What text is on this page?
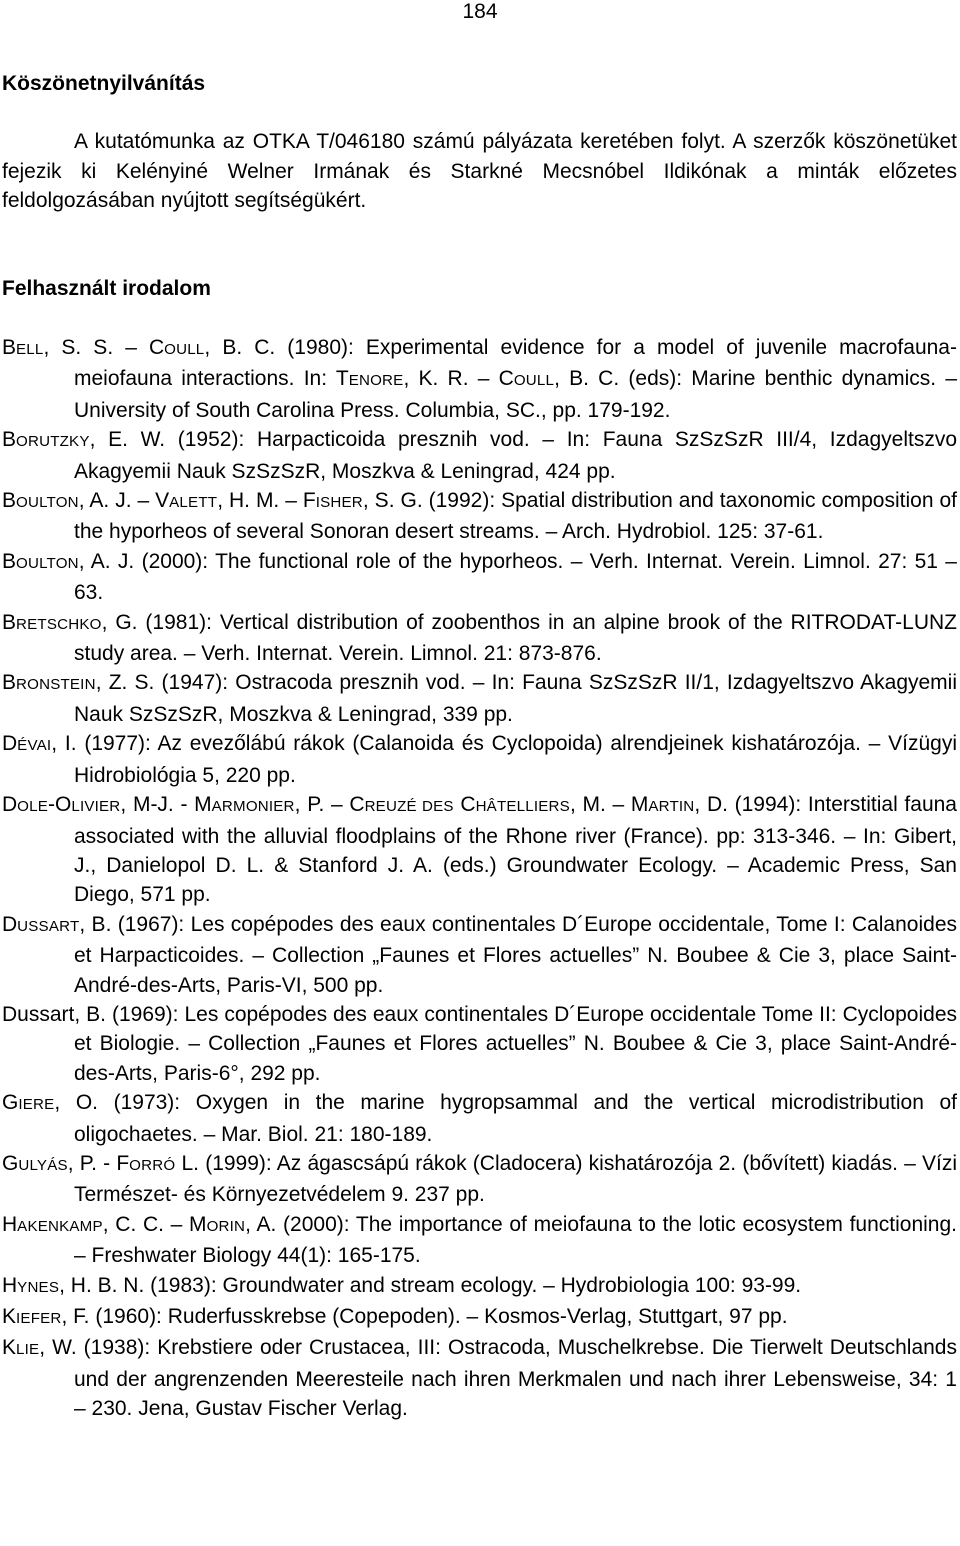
184
Köszönetnyilvánítás

A kutatómunka az OTKA T/046180 számú pályázata keretében folyt. A szerzők köszönetüket fejezik ki Kelényiné Welner Irmának és Starkné Mecsnóbel Ildikónak a minták előzetes feldolgozásában nyújtott segítségükért.

Felhasznált irodalom

BELL, S. S. – COULL, B. C. (1980): Experimental evidence for a model of juvenile macrofauna-meiofauna interactions. In: TENORE, K. R. – COULL, B. C. (eds): Marine benthic dynamics. – University of South Carolina Press. Columbia, SC., pp. 179-192.

BORUTZKY, E. W. (1952): Harpacticoida presznih vod. – In: Fauna SzSzSzR III/4, Izdagyeltszvo Akagyemii Nauk SzSzSzR, Moszkva & Leningrad, 424 pp.

BOULTON, A. J. – VALETT, H. M. – FISHER, S. G. (1992): Spatial distribution and taxonomic composition of the hyporheos of several Sonoran desert streams. – Arch. Hydrobiol. 125: 37-61.

BOULTON, A. J. (2000): The functional role of the hyporheos. – Verh. Internat. Verein. Limnol. 27: 51 – 63.

BRETSCHKO, G. (1981): Vertical distribution of zoobenthos in an alpine brook of the RITRODAT-LUNZ study area. – Verh. Internat. Verein. Limnol. 21: 873-876.

BRONSTEIN, Z. S. (1947): Ostracoda presznih vod. – In: Fauna SzSzSzR II/1, Izdagyeltszvo Akagyemii Nauk SzSzSzR, Moszkva & Leningrad, 339 pp.

DÉVAI, I. (1977): Az evezőlábú rákok (Calanoida és Cyclopoida) alrendjeinek kishatározója. – Vízügyi Hidrobiológia 5, 220 pp.

DOLE-OLIVIER, M-J. - MARMONIER, P. – CREUZÉ DES CHÂTELLIERS, M. – MARTIN, D. (1994): Interstitial fauna associated with the alluvial floodplains of the Rhone river (France). pp: 313-346. – In: Gibert, J., Danielopol D. L. & Stanford J. A. (eds.) Groundwater Ecology. – Academic Press, San Diego, 571 pp.

DUSSART, B. (1967): Les copépodes des eaux continentales D´Europe occidentale, Tome I: Calanoides et Harpacticoides. – Collection „Faunes et Flores actuelles” N. Boubee & Cie 3, place Saint-André-des-Arts, Paris-VI, 500 pp.

Dussart, B. (1969): Les copépodes des eaux continentales D´Europe occidentale Tome II: Cyclopoides et Biologie. – Collection „Faunes et Flores actuelles” N. Boubee & Cie 3, place Saint-André-des-Arts, Paris-6°, 292 pp.

GIERE, O. (1973): Oxygen in the marine hygropsammal and the vertical microdistribution of oligochaetes. – Mar. Biol. 21: 180-189.

GULYÁS, P. - FORRÓ L. (1999): Az ágascsápú rákok (Cladocera) kishatározója 2. (bővített) kiadás. – Vízi Természet- és Környezetvédelem 9. 237 pp.

HAKENKAMP, C. C. – MORIN, A. (2000): The importance of meiofauna to the lotic ecosystem functioning. – Freshwater Biology 44(1): 165-175.

HYNES, H. B. N. (1983): Groundwater and stream ecology. – Hydrobiologia 100: 93-99.

KIEFER, F. (1960): Ruderfusskrebse (Copepoden). – Kosmos-Verlag, Stuttgart, 97 pp.

KLIE, W. (1938): Krebstiere oder Crustacea, III: Ostracoda, Muschelkrebse. Die Tierwelt Deutschlands und der angrenzenden Meeresteile nach ihren Merkmalen und nach ihrer Lebensweise, 34: 1 – 230. Jena, Gustav Fischer Verlag.
